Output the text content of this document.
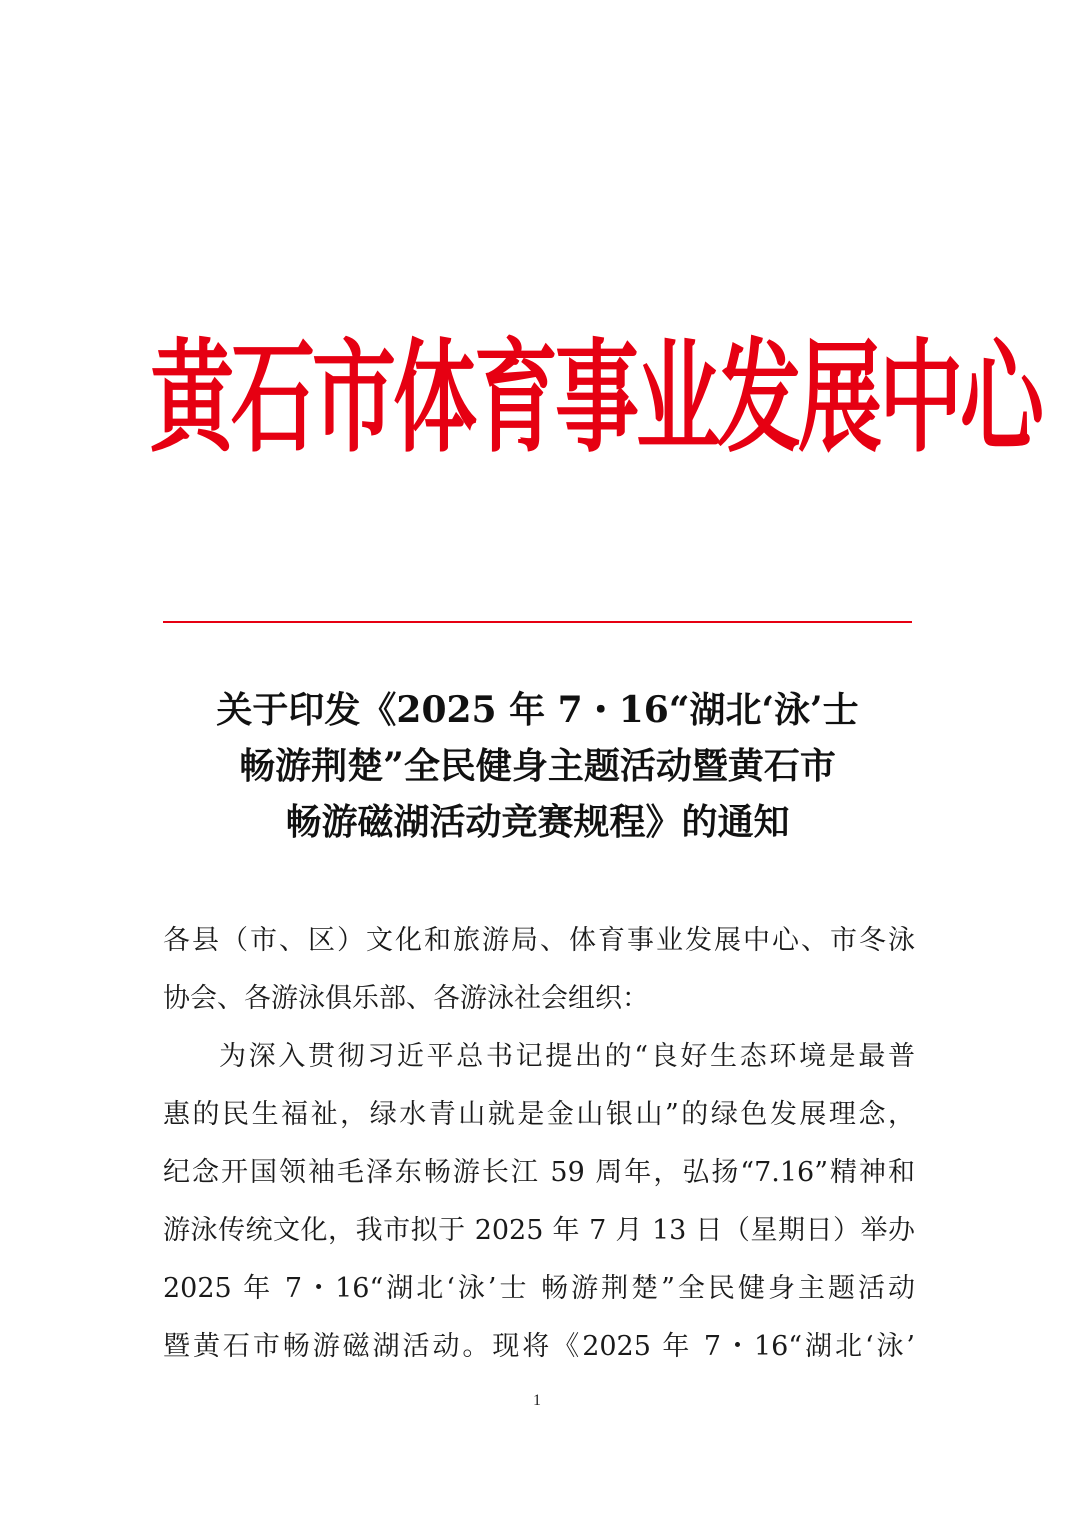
黄石市体育事业发展中心
关于印发《2025 年 7・16“湖北‘泳’士
畅游荆楚”全民健身主题活动暨黄石市
畅游磁湖活动竞赛规程》的通知
各县（市、区）文化和旅游局、体育事业发展中心、市冬泳
协会、各游泳俱乐部、各游泳社会组织：
为深入贯彻习近平总书记提出的“良好生态环境是最普
惠的民生福祉，绿水青山就是金山银山”的绿色发展理念，
纪念开国领袖毛泽东畅游长江 59 周年，弘扬“7.16”精神和
游泳传统文化，我市拟于 2025 年 7 月 13 日（星期日）举办
2025 年 7・16“湖北‘泳’士 畅游荆楚”全民健身主题活动
暨黄石市畅游磁湖活动。现将《2025 年 7・16“湖北‘泳’
1
